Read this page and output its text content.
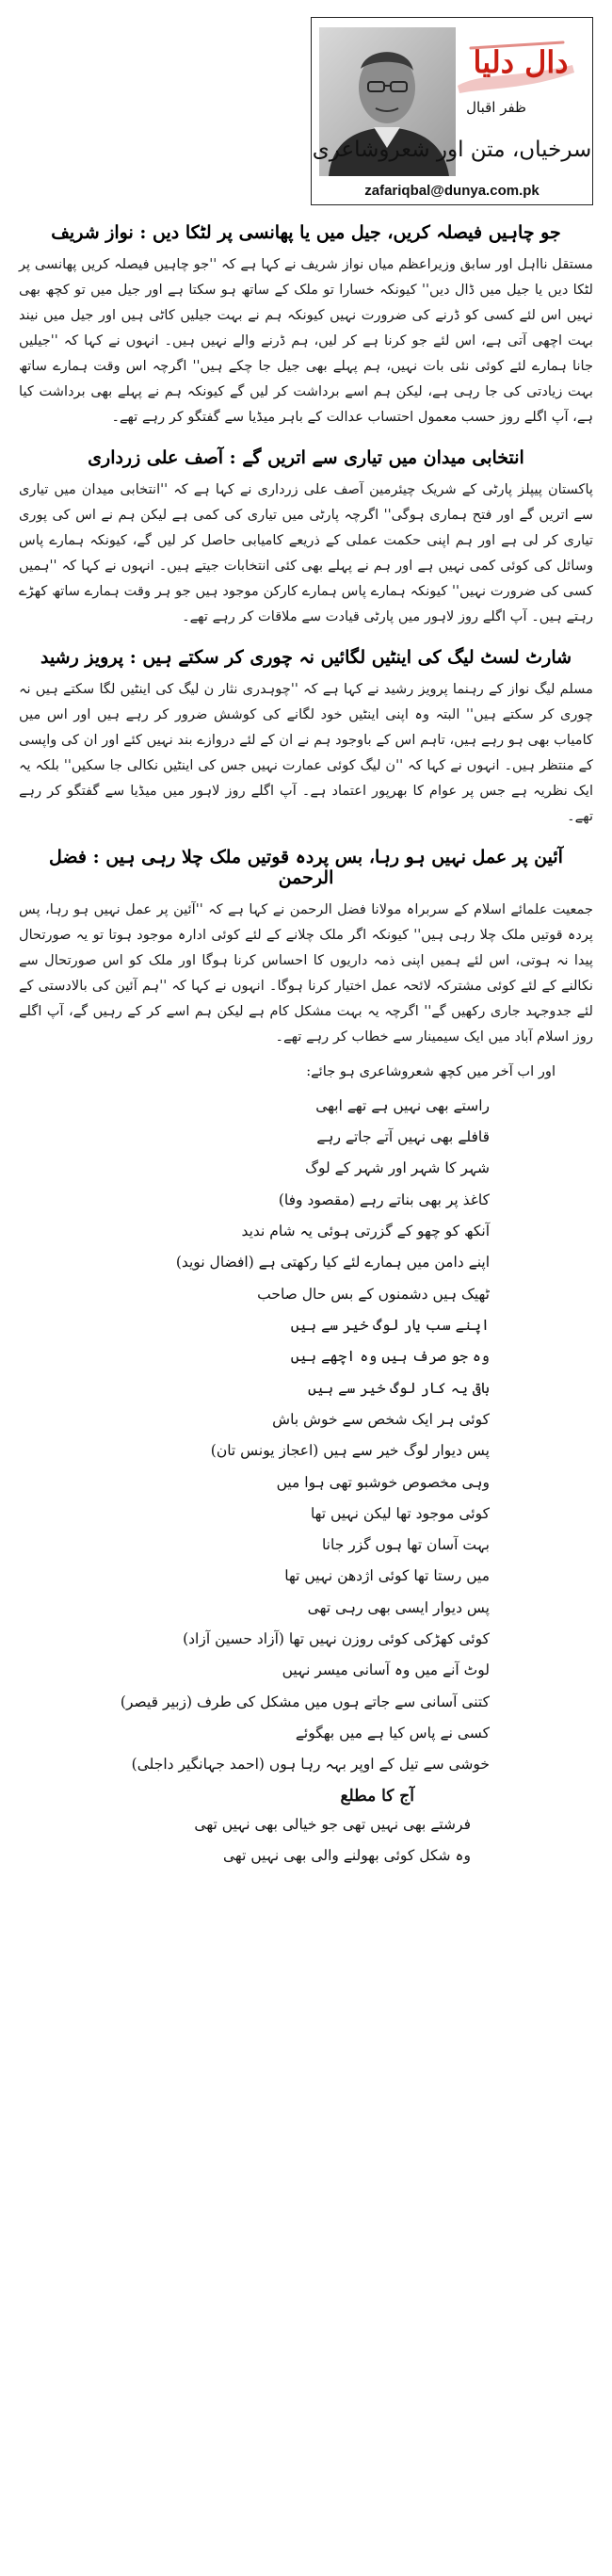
دال دلیا
ظفر اقبال
zafariqbal@dunya.com.pk
سرخیاں، متن اور شعروشاعری
جو چاہیں فیصلہ کریں، جیل میں یا پھانسی پر لٹکا دیں : نواز شریف

مستقل نااہل اور سابق وزیراعظم میاں نواز شریف نے کہا ہے کہ ''جو چاہیں فیصلہ کریں پھانسی پر لٹکا دیں یا جیل میں ڈال دیں'' کیونکہ خسارا تو ملک کے ساتھ ہو سکتا ہے اور جیل میں تو کچھ بھی نہیں اس لئے کسی کو ڈرنے کی ضرورت نہیں کیونکہ ہم نے بہت جیلیں کاٹی ہیں اور جیل میں نیند بہت اچھی آتی ہے، اس لئے جو کرنا ہے کر لیں، ہم ڈرنے والے نہیں ہیں۔ انہوں نے کہا کہ ''جیلیں جانا ہمارے لئے کوئی نئی بات نہیں، ہم پہلے بھی جیل جا چکے ہیں'' اگرچہ اس وقت ہمارے ساتھ بہت زیادتی کی جا رہی ہے، لیکن ہم اسے برداشت کر لیں گے کیونکہ ہم نے پہلے بھی برداشت کیا ہے، آپ اگلے روز حسب معمول احتساب عدالت کے باہر میڈیا سے گفتگو کر رہے تھے۔

انتخابی میدان میں تیاری سے اتریں گے : آصف علی زرداری

پاکستان پیپلز پارٹی کے شریک چیئرمین آصف علی زرداری نے کہا ہے کہ ''انتخابی میدان میں تیاری سے اتریں گے اور فتح ہماری ہوگی'' اگرچہ پارٹی میں تیاری کی کمی ہے لیکن ہم نے اس کی پوری تیاری کر لی ہے اور ہم اپنی حکمت عملی کے ذریعے کامیابی حاصل کر لیں گے، کیونکہ ہمارے پاس وسائل کی کوئی کمی نہیں ہے اور ہم نے پہلے بھی کئی انتخابات جیتے ہیں۔ انہوں نے کہا کہ ''ہمیں کسی کی ضرورت نہیں'' کیونکہ ہمارے پاس ہمارے کارکن موجود ہیں جو ہر وقت ہمارے ساتھ کھڑے رہتے ہیں۔ آپ اگلے روز لاہور میں پارٹی قیادت سے ملاقات کر رہے تھے۔

شارٹ لسٹ لیگ کی اینٹیں لگائیں نہ چوری کر سکتے ہیں : پرویز رشید

مسلم لیگ نواز کے رہنما پرویز رشید نے کہا ہے کہ ''چوہدری نثار ن لیگ کی اینٹیں لگا سکتے ہیں نہ چوری کر سکتے ہیں'' البتہ وہ اپنی اینٹیں خود لگانے کی کوشش ضرور کر رہے ہیں اور اس میں کامیاب بھی ہو رہے ہیں، تاہم اس کے باوجود ہم نے ان کے لئے دروازے بند نہیں کئے اور ان کی واپسی کے منتظر ہیں۔ انہوں نے کہا کہ ''ن لیگ کوئی عمارت نہیں جس کی اینٹیں نکالی جا سکیں'' بلکہ یہ ایک نظریہ ہے جس پر عوام کا بھرپور اعتماد ہے۔ آپ اگلے روز لاہور میں میڈیا سے گفتگو کر رہے تھے۔

آئین پر عمل نہیں ہو رہا، بس پردہ قوتیں ملک چلا رہی ہیں : فضل الرحمن

جمعیت علمائے اسلام کے سربراہ مولانا فضل الرحمن نے کہا ہے کہ ''آئین پر عمل نہیں ہو رہا، پس پردہ قوتیں ملک چلا رہی ہیں'' کیونکہ اگر ملک چلانے کے لئے کوئی ادارہ موجود ہوتا تو یہ صورتحال پیدا نہ ہوتی، اس لئے ہمیں اپنی ذمہ داریوں کا احساس کرنا ہوگا اور ملک کو اس صورتحال سے نکالنے کے لئے کوئی مشترکہ لائحہ عمل اختیار کرنا ہوگا۔ انہوں نے کہا کہ ''ہم آئین کی بالادستی کے لئے جدوجہد جاری رکھیں گے'' اگرچہ یہ بہت مشکل کام ہے لیکن ہم اسے کر کے رہیں گے، آپ اگلے روز اسلام آباد میں ایک سیمینار سے خطاب کر رہے تھے۔

اور اب آخر میں کچھ شعروشاعری ہو جائے:
راستے بھی نہیں ہے تھے ابھی
قافلے بھی نہیں آتے جاتے رہے
شہر کا شہر اور شہر کے لوگ
کاغذ پر بھی بناتے رہے (مقصود وفا)
آنکھ کو چھو کے گزرتی ہوئی یہ شام ندید
اپنے دامن میں ہمارے لئے کیا رکھتی ہے (افضال نوید)
ٹھیک ہیں دشمنوں کے بس حال صاحب
اپنے سب یار لوگ خیر سے ہیں
وہ جو صرف ہیں وہ اچھے ہیں
باقی یہ کار لوگ خیر سے ہیں
کوئی ہر ایک شخص سے خوش باش
پس دیوار لوگ خیر سے ہیں (اعجاز یونس تان)
وہی مخصوص خوشبو تھی ہوا میں
کوئی موجود تھا لیکن نہیں تھا
بہت آسان تھا ہوں گزر جانا
میں رستا تھا کوئی اژدھن نہیں تھا
پس دیوار ایسی بھی رہی تھی
کوئی کھڑکی کوئی روزن نہیں تھا (آزاد حسین آزاد)
لوٹ آنے میں وہ آسانی میسر نہیں
کتنی آسانی سے جاتے ہوں میں مشکل کی طرف (زبیر قیصر)
کسی نے پاس کیا ہے میں بھگوئے
خوشی سے تیل کے اوپر بہہ رہا ہوں (احمد جہانگیر داجلی)
آج کا مطلع
فرشتے بھی نہیں تھی جو خیالی بھی نہیں تھی
وہ شکل کوئی بھولنے والی بھی نہیں تھی
